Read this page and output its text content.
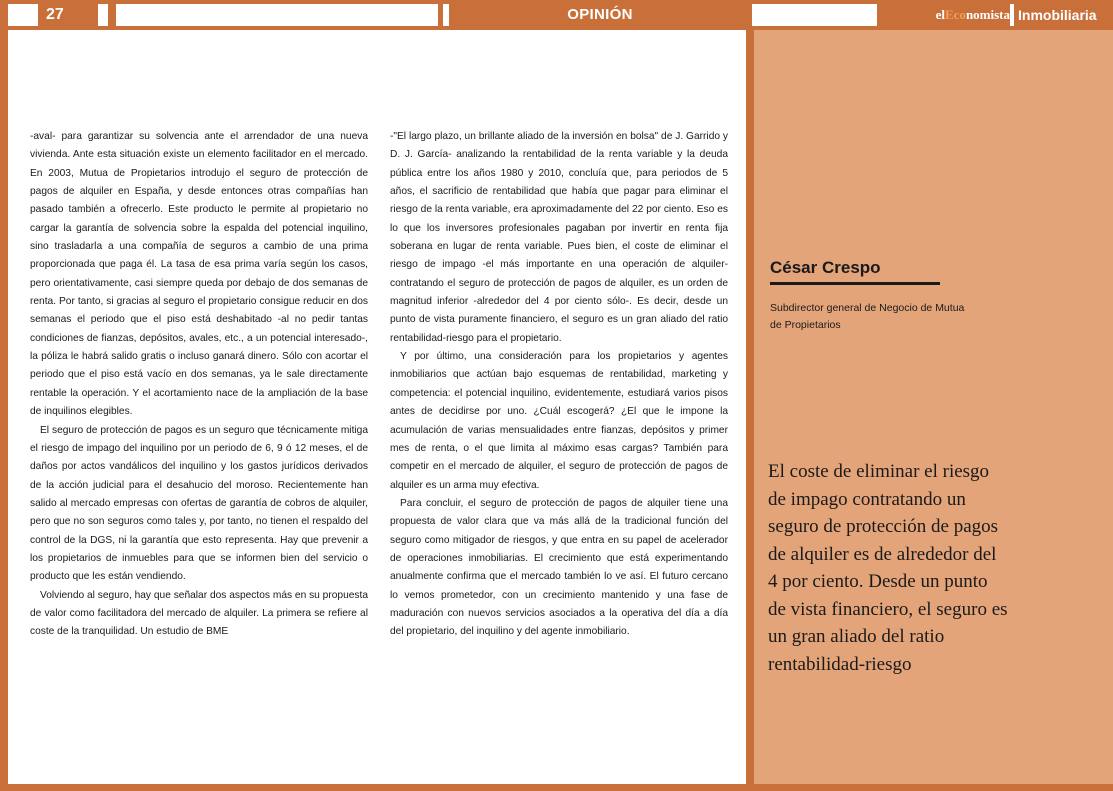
27	OPINIÓN	elEconomista Inmobiliaria

-aval- para garantizar su solvencia ante el arrendador de una nueva vivienda. Ante esta situación existe un elemento facilitador en el mercado. En 2003, Mutua de Propietarios introdujo el seguro de protección de pagos de alquiler en España, y desde entonces otras compañías han pasado también a ofrecerlo. Este producto le permite al propietario no cargar la garantía de solvencia sobre la espalda del potencial inquilino, sino trasladarla a una compañía de seguros a cambio de una prima proporcionada que paga él. La tasa de esa prima varía según los casos, pero orientativamente, casi siempre queda por debajo de dos semanas de renta. Por tanto, si gracias al seguro el propietario consigue reducir en dos semanas el periodo que el piso está deshabitado -al no pedir tantas condiciones de fianzas, depósitos, avales, etc., a un potencial interesado-, la póliza le habrá salido gratis o incluso ganará dinero. Sólo con acortar el periodo que el piso está vacío en dos semanas, ya le sale directamente rentable la operación. Y el acortamiento nace de la ampliación de la base de inquilinos elegibles.

El seguro de protección de pagos es un seguro que técnicamente mitiga el riesgo de impago del inquilino por un periodo de 6, 9 ó 12 meses, el de daños por actos vandálicos del inquilino y los gastos jurídicos derivados de la acción judicial para el desahucio del moroso. Recientemente han salido al mercado empresas con ofertas de garantía de cobros de alquiler, pero que no son seguros como tales y, por tanto, no tienen el respaldo del control de la DGS, ni la garantía que esto representa. Hay que prevenir a los propietarios de inmuebles para que se informen bien del servicio o producto que les están vendiendo.

Volviendo al seguro, hay que señalar dos aspectos más en su propuesta de valor como facilitadora del mercado de alquiler. La primera se refiere al coste de la tranquilidad. Un estudio de BME

-"El largo plazo, un brillante aliado de la inversión en bolsa" de J. Garrido y D. J. García- analizando la rentabilidad de la renta variable y la deuda pública entre los años 1980 y 2010, concluía que, para periodos de 5 años, el sacrificio de rentabilidad que había que pagar para eliminar el riesgo de la renta variable, era aproximadamente del 22 por ciento. Eso es lo que los inversores profesionales pagaban por invertir en renta fija soberana en lugar de renta variable. Pues bien, el coste de eliminar el riesgo de impago -el más importante en una operación de alquiler- contratando el seguro de protección de pagos de alquiler, es un orden de magnitud inferior -alrededor del 4 por ciento sólo-. Es decir, desde un punto de vista puramente financiero, el seguro es un gran aliado del ratio rentabilidad-riesgo para el propietario.

Y por último, una consideración para los propietarios y agentes inmobiliarios que actúan bajo esquemas de rentabilidad, marketing y competencia: el potencial inquilino, evidentemente, estudiará varios pisos antes de decidirse por uno. ¿Cuál escogerá? ¿El que le impone la acumulación de varias mensualidades entre fianzas, depósitos y primer mes de renta, o el que limita al máximo esas cargas? También para competir en el mercado de alquiler, el seguro de protección de pagos de alquiler es un arma muy efectiva.

Para concluir, el seguro de protección de pagos de alquiler tiene una propuesta de valor clara que va más allá de la tradicional función del seguro como mitigador de riesgos, y que entra en su papel de acelerador de operaciones inmobiliarias. El crecimiento que está experimentando anualmente confirma que el mercado también lo ve así. El futuro cercano lo vemos prometedor, con un crecimiento mantenido y una fase de maduración con nuevos servicios asociados a la operativa del día a día del propietario, del inquilino y del agente inmobiliario.

César Crespo
Subdirector general de Negocio de Mutua de Propietarios
El coste de eliminar el riesgo de impago contratando un seguro de protección de pagos de alquiler es de alrededor del 4 por ciento. Desde un punto de vista financiero, el seguro es un gran aliado del ratio rentabilidad-riesgo
